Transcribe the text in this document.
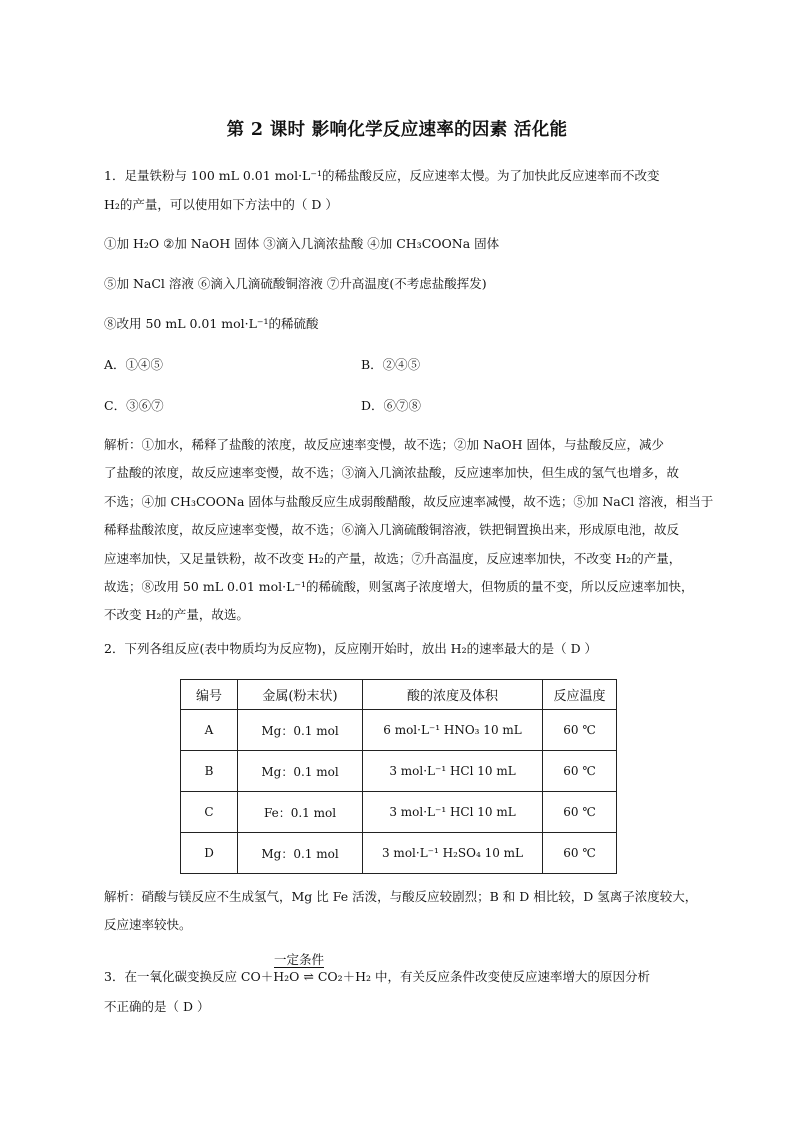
第 2 课时 影响化学反应速率的因素 活化能
1．足量铁粉与 100 mL 0.01 mol·L⁻¹的稀盐酸反应，反应速率太慢。为了加快此反应速率而不改变
H₂的产量，可以使用如下方法中的（ D ）
①加 H₂O ②加 NaOH 固体 ③滴入几滴浓盐酸 ④加 CH₃COONa 固体
⑤加 NaCl 溶液 ⑥滴入几滴硫酸铜溶液 ⑦升高温度(不考虑盐酸挥发)
⑧改用 50 mL 0.01 mol·L⁻¹的稀硫酸
A．①④⑤	B．②④⑤
C．③⑥⑦	D．⑥⑦⑧
解析：①加水，稀释了盐酸的浓度，故反应速率变慢，故不选；②加 NaOH 固体，与盐酸反应，减少
了盐酸的浓度，故反应速率变慢，故不选；③滴入几滴浓盐酸，反应速率加快，但生成的氢气也增多，故
不选；④加 CH₃COONa 固体与盐酸反应生成弱酸醋酸，故反应速率减慢，故不选；⑤加 NaCl 溶液，相当于
稀释盐酸浓度，故反应速率变慢，故不选；⑥滴入几滴硫酸铜溶液，铁把铜置换出来，形成原电池，故反
应速率加快，又足量铁粉，故不改变 H₂的产量，故选；⑦升高温度，反应速率加快，不改变 H₂的产量，
故选；⑧改用 50 mL 0.01 mol·L⁻¹的稀硫酸，则氢离子浓度增大，但物质的量不变，所以反应速率加快，
不改变 H₂的产量，故选。
2．下列各组反应(表中物质均为反应物)，反应刚开始时，放出 H₂的速率最大的是（ D ）
编号	金属(粉末状)	酸的浓度及体积	反应温度
A	Mg：0.1 mol	6 mol·L⁻¹ HNO₃ 10 mL	60 ℃
B	Mg：0.1 mol	3 mol·L⁻¹ HCl 10 mL	60 ℃
C	Fe：0.1 mol	3 mol·L⁻¹ HCl 10 mL	60 ℃
D	Mg：0.1 mol	3 mol·L⁻¹ H₂SO₄ 10 mL	60 ℃
解析：硝酸与镁反应不生成氢气，Mg 比 Fe 活泼，与酸反应较剧烈；B 和 D 相比较，D 氢离子浓度较大，
反应速率较快。
一定条件
3．在一氧化碳变换反应 CO＋H₂O ⇌ CO₂＋H₂ 中，有关反应条件改变使反应速率增大的原因分析
不正确的是（ D ）
